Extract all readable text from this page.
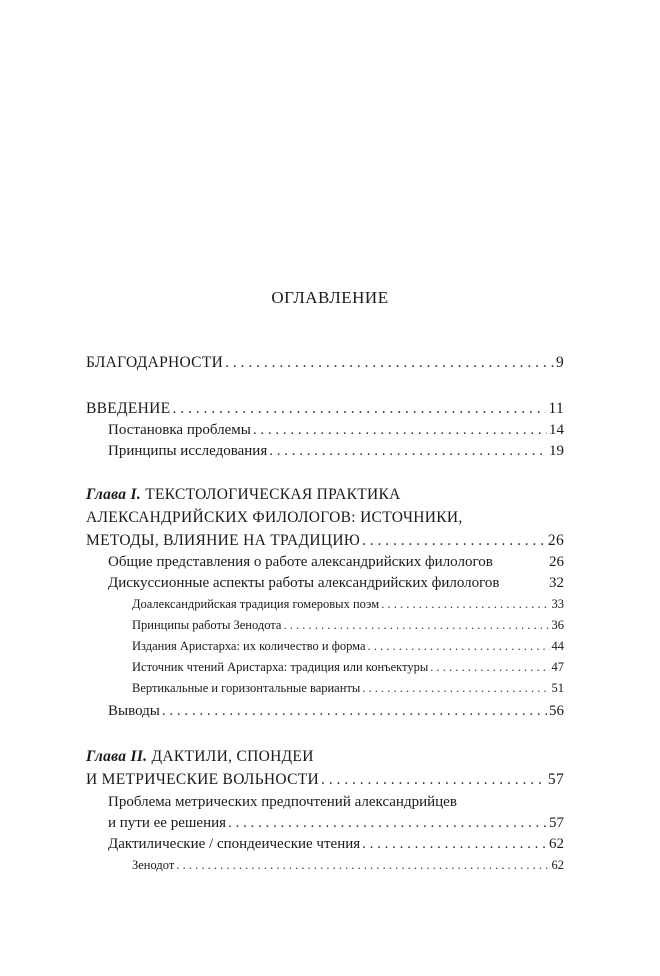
ОГЛАВЛЕНИЕ
БЛАГОДАРНОСТИ . . .	9
ВВЕДЕНИЕ . . .	11
Постановка проблемы . . .	14
Принципы исследования . . .	19
Глава I.
ТЕКСТОЛОГИЧЕСКАЯ ПРАКТИКА
АЛЕКСАНДРИЙСКИХ ФИЛОЛОГОВ: ИСТОЧНИКИ,
МЕТОДЫ, ВЛИЯНИЕ НА ТРАДИЦИЮ . . .	26
Общие представления о работе александрийских филологов	26
Дискуссионные аспекты работы александрийских филологов	32
Доалександрийская традиция гомеровых поэм . . .	33
Принципы работы Зенодота . . .	36
Издания Аристарха: их количество и форма . . .	44
Источник чтений Аристарха: традиция или конъектуры . . .	47
Вертикальные и горизонтальные варианты . . .	51
Выводы . . .	56
Глава II.
ДАКТИЛИ, СПОНДЕИ
И МЕТРИЧЕСКИЕ ВОЛЬНОСТИ . . .	57
Проблема метрических предпочтений александрийцев
и пути ее решения . . .	57
Дактилические / спондеические чтения . . .	62
Зенодот . . .	62
